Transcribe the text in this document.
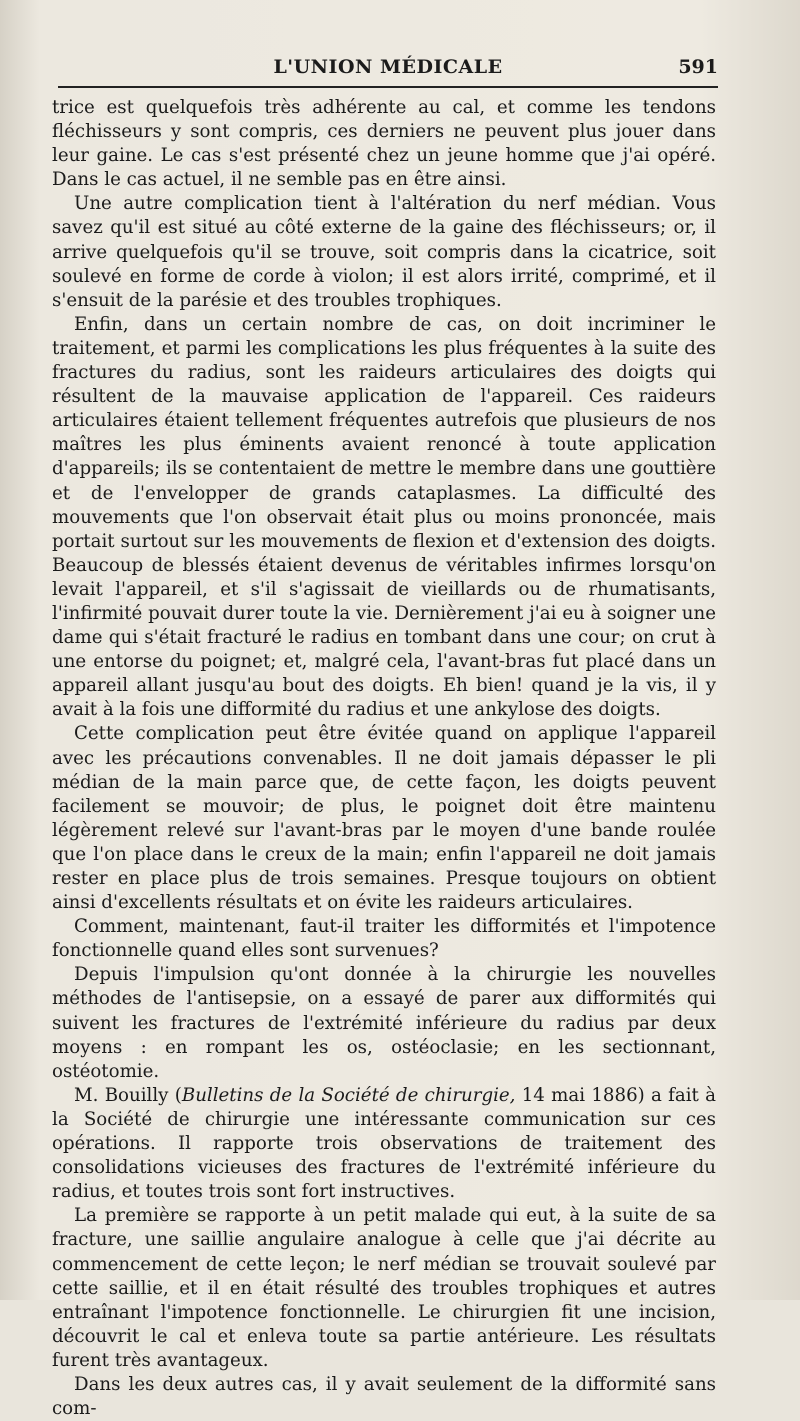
L'UNION MÉDICALE	591

trice est quelquefois très adhérente au cal, et comme les tendons fléchisseurs y sont compris, ces derniers ne peuvent plus jouer dans leur gaine. Le cas s'est présenté chez un jeune homme que j'ai opéré. Dans le cas actuel, il ne semble pas en être ainsi.

Une autre complication tient à l'altération du nerf médian. Vous savez qu'il est situé au côté externe de la gaine des fléchisseurs; or, il arrive quelquefois qu'il se trouve, soit compris dans la cicatrice, soit soulevé en forme de corde à violon; il est alors irrité, comprimé, et il s'ensuit de la parésie et des troubles trophiques.

Enfin, dans un certain nombre de cas, on doit incriminer le traitement, et parmi les complications les plus fréquentes à la suite des fractures du radius, sont les raideurs articulaires des doigts qui résultent de la mauvaise application de l'appareil. Ces raideurs articulaires étaient tellement fréquentes autrefois que plusieurs de nos maîtres les plus éminents avaient renoncé à toute application d'appareils; ils se contentaient de mettre le membre dans une gouttière et de l'envelopper de grands cataplasmes. La difficulté des mouvements que l'on observait était plus ou moins prononcée, mais portait surtout sur les mouvements de flexion et d'extension des doigts. Beaucoup de blessés étaient devenus de véritables infirmes lorsqu'on levait l'appareil, et s'il s'agissait de vieillards ou de rhumatisants, l'infirmité pouvait durer toute la vie. Dernièrement j'ai eu à soigner une dame qui s'était fracturé le radius en tombant dans une cour; on crut à une entorse du poignet; et, malgré cela, l'avant-bras fut placé dans un appareil allant jusqu'au bout des doigts. Eh bien! quand je la vis, il y avait à la fois une difformité du radius et une ankylose des doigts.

Cette complication peut être évitée quand on applique l'appareil avec les précautions convenables. Il ne doit jamais dépasser le pli médian de la main parce que, de cette façon, les doigts peuvent facilement se mouvoir; de plus, le poignet doit être maintenu légèrement relevé sur l'avant-bras par le moyen d'une bande roulée que l'on place dans le creux de la main; enfin l'appareil ne doit jamais rester en place plus de trois semaines. Presque toujours on obtient ainsi d'excellents résultats et on évite les raideurs articulaires.

Comment, maintenant, faut-il traiter les difformités et l'impotence fonctionnelle quand elles sont survenues?

Depuis l'impulsion qu'ont donnée à la chirurgie les nouvelles méthodes de l'antisepsie, on a essayé de parer aux difformités qui suivent les fractures de l'extrémité inférieure du radius par deux moyens : en rompant les os, ostéoclasie; en les sectionnant, ostéotomie.

M. Bouilly (Bulletins de la Société de chirurgie, 14 mai 1886) a fait à la Société de chirurgie une intéressante communication sur ces opérations. Il rapporte trois observations de traitement des consolidations vicieuses des fractures de l'extrémité inférieure du radius, et toutes trois sont fort instructives.

La première se rapporte à un petit malade qui eut, à la suite de sa fracture, une saillie angulaire analogue à celle que j'ai décrite au commencement de cette leçon; le nerf médian se trouvait soulevé par cette saillie, et il en était résulté des troubles trophiques et autres entraînant l'impotence fonctionnelle. Le chirurgien fit une incision, découvrit le cal et enleva toute sa partie antérieure. Les résultats furent très avantageux.

Dans les deux autres cas, il y avait seulement de la difformité sans com-
